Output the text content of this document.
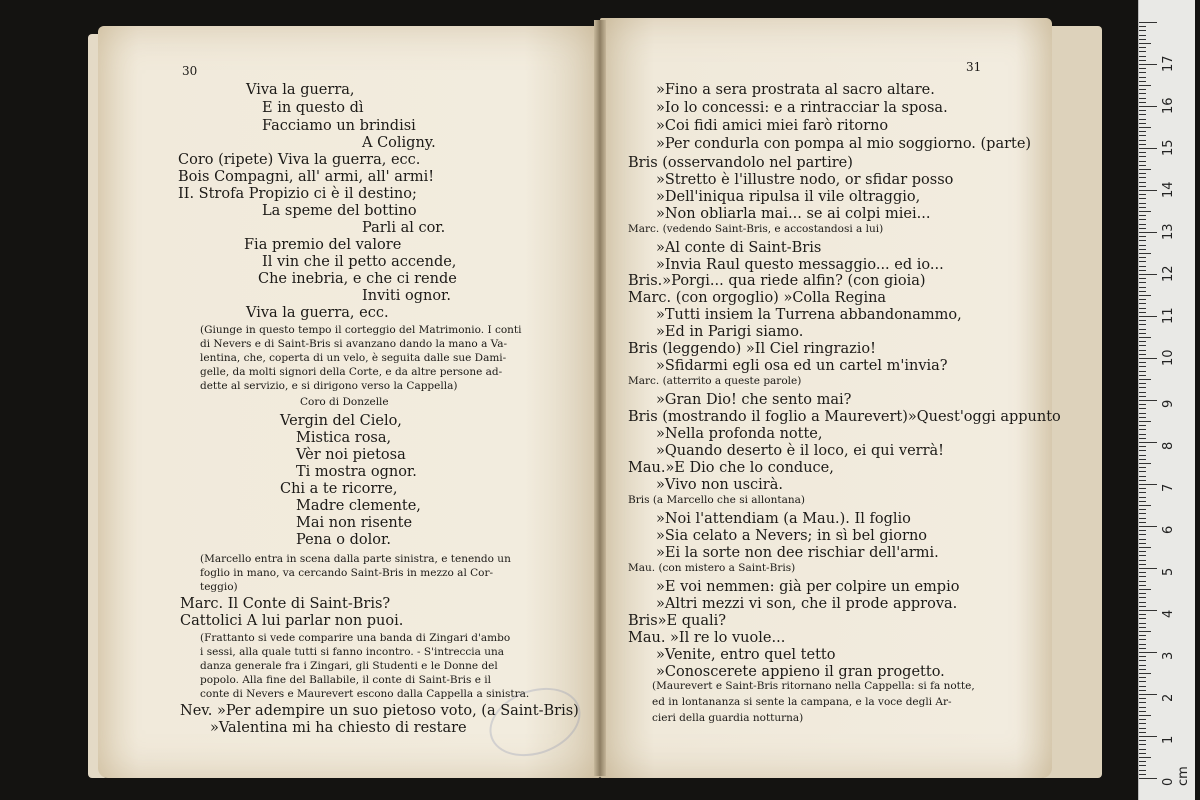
30	31
Viva la guerra,
E in questo dì
Facciamo un brindisi
A Coligny.
Coro (ripete) Viva la guerra, ecc.
Bois Compagni, all' armi, all' armi!
II. Strofa Propizio ci è il destino;
La speme del bottino
Parli al cor.
Fia premio del valore
Il vin che il petto accende,
Che inebria, e che ci rende
Inviti ognor.
Viva la guerra, ecc.
(Giunge in questo tempo il corteggio del Matrimonio. I conti
di Nevers e di Saint-Bris si avanzano dando la mano a Va-
lentina, che, coperta di un velo, è seguita dalle sue Dami-
gelle, da molti signori della Corte, e da altre persone ad-
dette al servizio, e si dirigono verso la Cappella)
Coro di Donzelle
Vergin del Cielo,
Mistica rosa,
Vèr noi pietosa
Ti mostra ognor.
Chi a te ricorre,
Madre clemente,
Mai non risente
Pena o dolor.
(Marcello entra in scena dalla parte sinistra, e tenendo un
foglio in mano, va cercando Saint-Bris in mezzo al Cor-
teggio)
Marc. Il Conte di Saint-Bris?
Cattolici A lui parlar non puoi.
(Frattanto si vede comparire una banda di Zingari d'ambo
i sessi, alla quale tutti si fanno incontro. - S'intreccia una
danza generale fra i Zingari, gli Studenti e le Donne del
popolo. Alla fine del Ballabile, il conte di Saint-Bris e il
conte di Nevers e Maurevert escono dalla Cappella a sinistra.
Nev. »Per adempire un suo pietoso voto, (a Saint-Bris)
»Valentina mi ha chiesto di restare
»Fino a sera prostrata al sacro altare.
»Io lo concessi: e a rintracciar la sposa.
»Coi fidi amici miei farò ritorno
»Per condurla con pompa al mio soggiorno. (parte)
Bris (osservandolo nel partire)
»Stretto è l'illustre nodo, or sfidar posso
»Dell'iniqua ripulsa il vile oltraggio,
»Non obliarla mai... se ai colpi miei...
Marc. (vedendo Saint-Bris, e accostandosi a lui)
»Al conte di Saint-Bris
»Invia Raul questo messaggio... ed io...
Bris.»Porgi... qua riede alfin? (con gioia)
Marc. (con orgoglio) »Colla Regina
»Tutti insiem la Turrena abbandonammo,
»Ed in Parigi siamo.
Bris (leggendo) »Il Ciel ringrazio!
»Sfidarmi egli osa ed un cartel m'invia?
Marc. (atterrito a queste parole)
»Gran Dio! che sento mai?
Bris (mostrando il foglio a Maurevert)»Quest'oggi appunto
»Nella profonda notte,
»Quando deserto è il loco, ei qui verrà!
Mau.»E Dio che lo conduce,
»Vivo non uscirà.
Bris (a Marcello che si allontana)
»Noi l'attendiam (a Mau.). Il foglio
»Sia celato a Nevers; in sì bel giorno
»Ei la sorte non dee rischiar dell'armi.
Mau. (con mistero a Saint-Bris)
»E voi nemmen: già per colpire un empio
»Altri mezzi vi son, che il prode approva.
Bris»E quali?
Mau. »Il re lo vuole...
»Venite, entro quel tetto
»Conoscerete appieno il gran progetto.
(Maurevert e Saint-Bris ritornano nella Cappella: si fa notte,
ed in lontananza si sente la campana, e la voce degli Ar-
cieri della guardia notturna)
17
16
15
14
13
12
11
10
9
8
7
6
5
4
3
2
1
0 cm
